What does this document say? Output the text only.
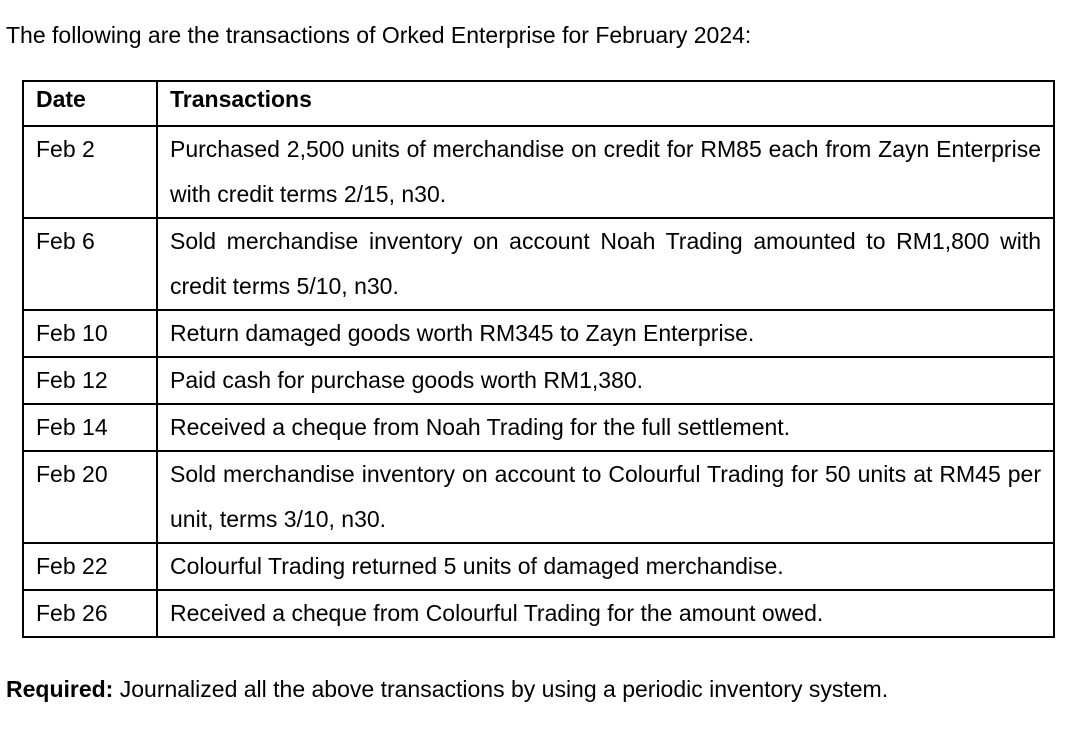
The following are the transactions of Orked Enterprise for February 2024:
Date	Transactions
Feb 2	Purchased 2,500 units of merchandise on credit for RM85 each from Zayn Enterprise with credit terms 2/15, n30.
Feb 6	Sold merchandise inventory on account Noah Trading amounted to RM1,800 with credit terms 5/10, n30.
Feb 10	Return damaged goods worth RM345 to Zayn Enterprise.
Feb 12	Paid cash for purchase goods worth RM1,380.
Feb 14	Received a cheque from Noah Trading for the full settlement.
Feb 20	Sold merchandise inventory on account to Colourful Trading for 50 units at RM45 per unit, terms 3/10, n30.
Feb 22	Colourful Trading returned 5 units of damaged merchandise.
Feb 26	Received a cheque from Colourful Trading for the amount owed.
Required: Journalized all the above transactions by using a periodic inventory system.
